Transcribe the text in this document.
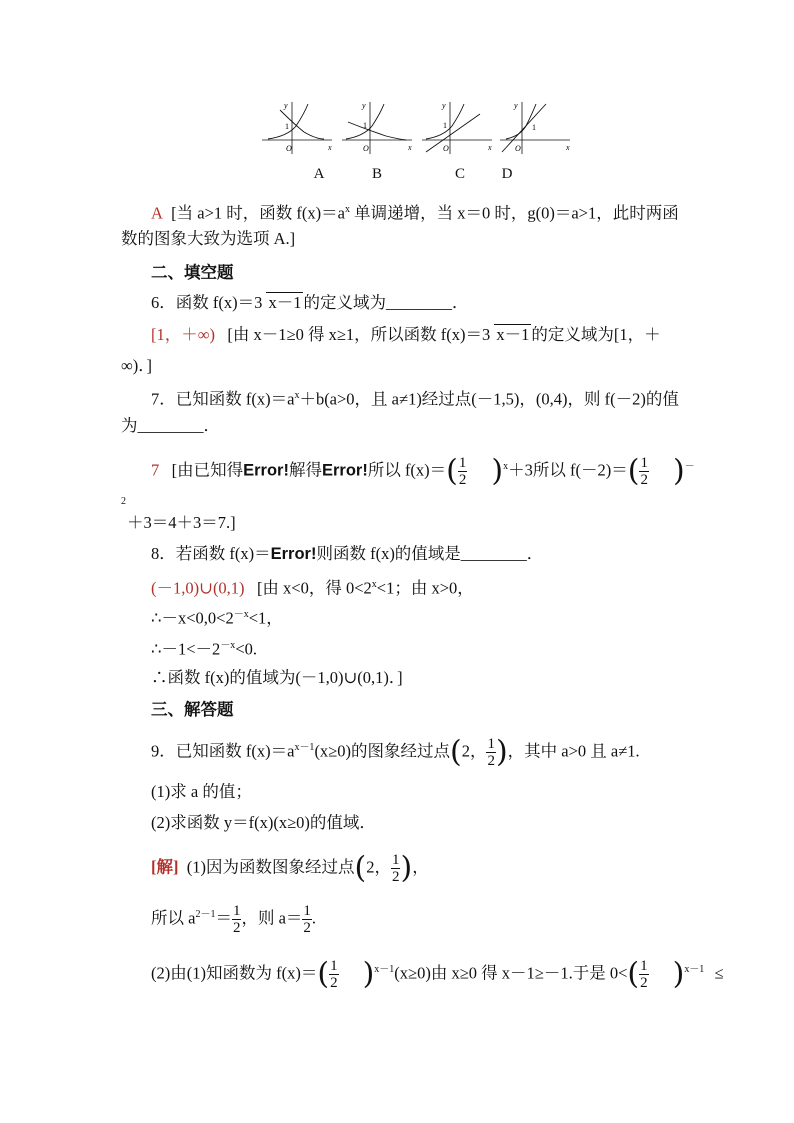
y
x
O
1
y
x
O
1
y
x
O
1
y
x
O
1
A	B	C	D
A [当 a>1 时，函数 $f(x)=a^x$ 单调递增，当 x＝0 时，g(0)＝a>1，此时两函
数的图象大致为选项 A.]
二、填空题
6．函数 f(x)＝3 x－1 的定义域为________．
[1，＋∞) [由 x－1≥0 得 x≥1，所以函数 f(x)＝3 x－1 的定义域为[1，＋
∞)．]
7．已知函数 $f(x)=a^x+b(a>0$，且 a≠1)经过点(－1,5)，(0,4)，则 f(－2)的值
为________．
7 [由已知得Error!解得Error!所以 $f(x)=( \frac{1}{2} )^x+3$所以 $f(-2)=( \frac{1}{2} )^-$
2
＋3＝4＋3＝7.]
8．若函数 f(x)＝Error!则函数 f(x)的值域是________．
(－1,0)∪(0,1) [由 x<0，得 $0<2^x<1$；由 x>0，
$\therefore-x<0,0<2^{-x}<1$，
$\therefore-1<-2^{-x}<0$.
∴函数 f(x)的值域为(－1,0)∪(0,1)．]
三、解答题
9．已知函数 $f(x)=a^{x-1}(x\ge 0)$的图象经过点(2， $\frac{1}{2}$ )，其中 a>0 且 a≠1.
(1)求 a 的值；
(2)求函数 y＝f(x)(x≥0)的值域．
[解] (1)因为函数图象经过点(2， $\frac{1}{2}$ )，
所以 $a^{2-1}= \frac{1}{2}$ ，则 $a= \frac{1}{2}$ .
(2)由(1)知函数为 $f(x)=( \frac{1}{2} )^{x-1}(x\ge 0)$由 x≥0 得 x－1≥－1.于是 $0<( \frac{1}{2} )^{x-1}$ ≤
